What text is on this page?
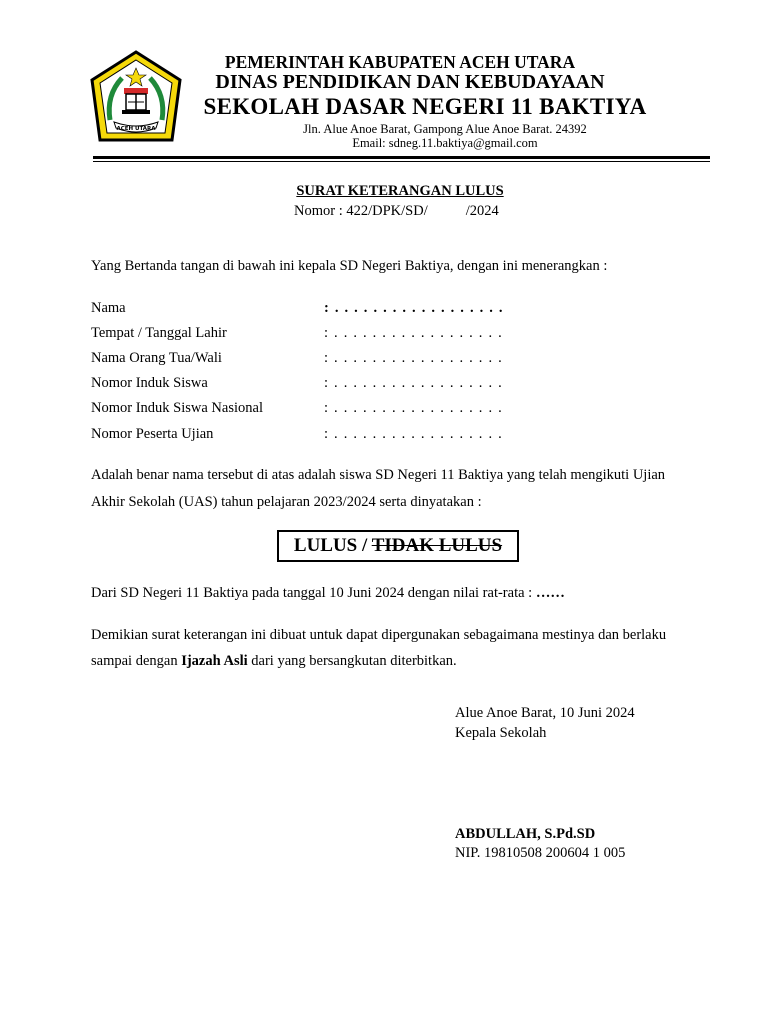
ACEH UTARA
PEMERINTAH KABUPATEN ACEH UTARA
DINAS PENDIDIKAN DAN KEBUDAYAAN
SEKOLAH DASAR NEGERI 11 BAKTIYA
Jln. Alue Anoe Barat, Gampong Alue Anoe Barat. 24392
Email: sdneg.11.baktiya@gmail.com
SURAT KETERANGAN LULUS
Nomor : 422/DPK/SD/	/2024
Yang Bertanda tangan di bawah ini kepala SD Negeri Baktiya, dengan ini menerangkan :
Nama	: . . . . . . . . . . . . . . . . . .
Tempat / Tanggal Lahir	: . . . . . . . . . . . . . . . . . .
Nama Orang Tua/Wali	: . . . . . . . . . . . . . . . . . .
Nomor Induk Siswa	: . . . . . . . . . . . . . . . . . .
Nomor Induk Siswa Nasional	: . . . . . . . . . . . . . . . . . .
Nomor Peserta Ujian	: . . . . . . . . . . . . . . . . . .
Adalah benar nama tersebut di atas adalah siswa SD Negeri 11 Baktiya yang telah mengikuti Ujian
Akhir Sekolah (UAS) tahun pelajaran 2023/2024 serta dinyatakan :
LULUS / TIDAK LULUS
Dari SD Negeri 11 Baktiya pada tanggal 10 Juni 2024 dengan nilai rat-rata : ……
Demikian surat keterangan ini dibuat untuk dapat dipergunakan sebagaimana mestinya dan berlaku
sampai dengan Ijazah Asli dari yang bersangkutan diterbitkan.
Alue Anoe Barat, 10 Juni 2024
Kepala Sekolah
ABDULLAH, S.Pd.SD
NIP. 19810508 200604 1 005
